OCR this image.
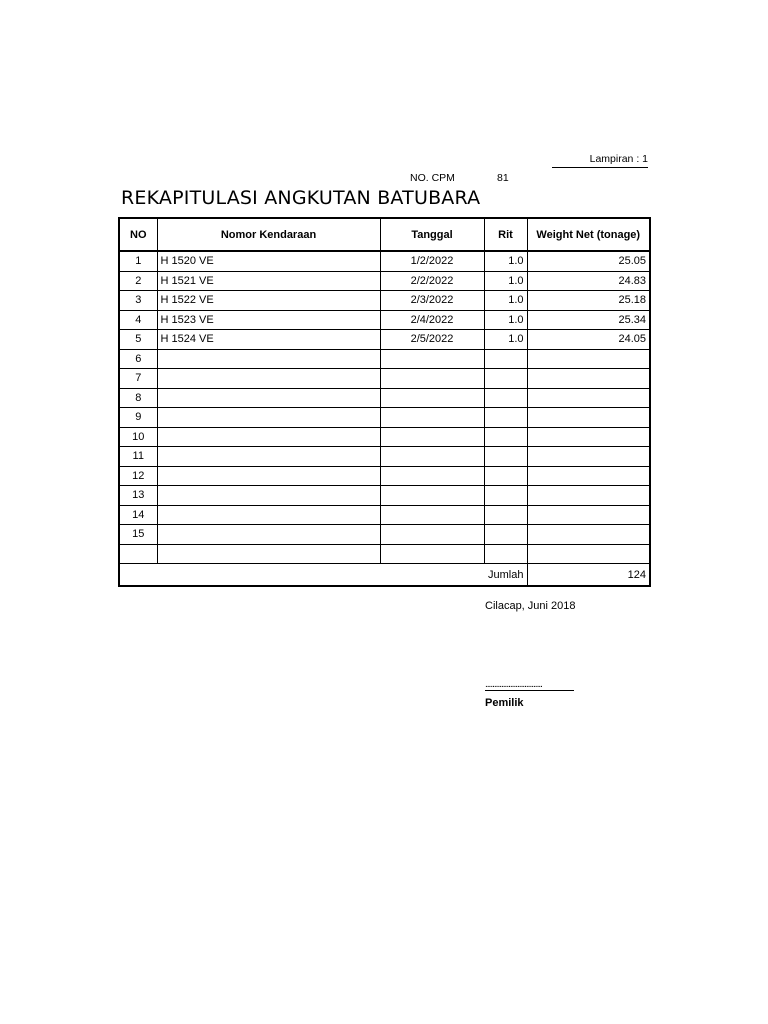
Lampiran : 1
NO. CPM	81
REKAPITULASI ANGKUTAN BATUBARA
NO	Nomor Kendaraan	Tanggal	Rit	Weight Net (tonage)
1	H 1520 VE	1/2/2022	1.0	25.05
2	H 1521 VE	2/2/2022	1.0	24.83
3	H 1522 VE	2/3/2022	1.0	25.18
4	H 1523 VE	2/4/2022	1.0	25.34
5	H 1524 VE	2/5/2022	1.0	24.05
6				
7				
8				
9				
10				
11				
12				
13				
14				
15				

Jumlah				124
Cilacap, Juni 2018
................................
Pemilik
